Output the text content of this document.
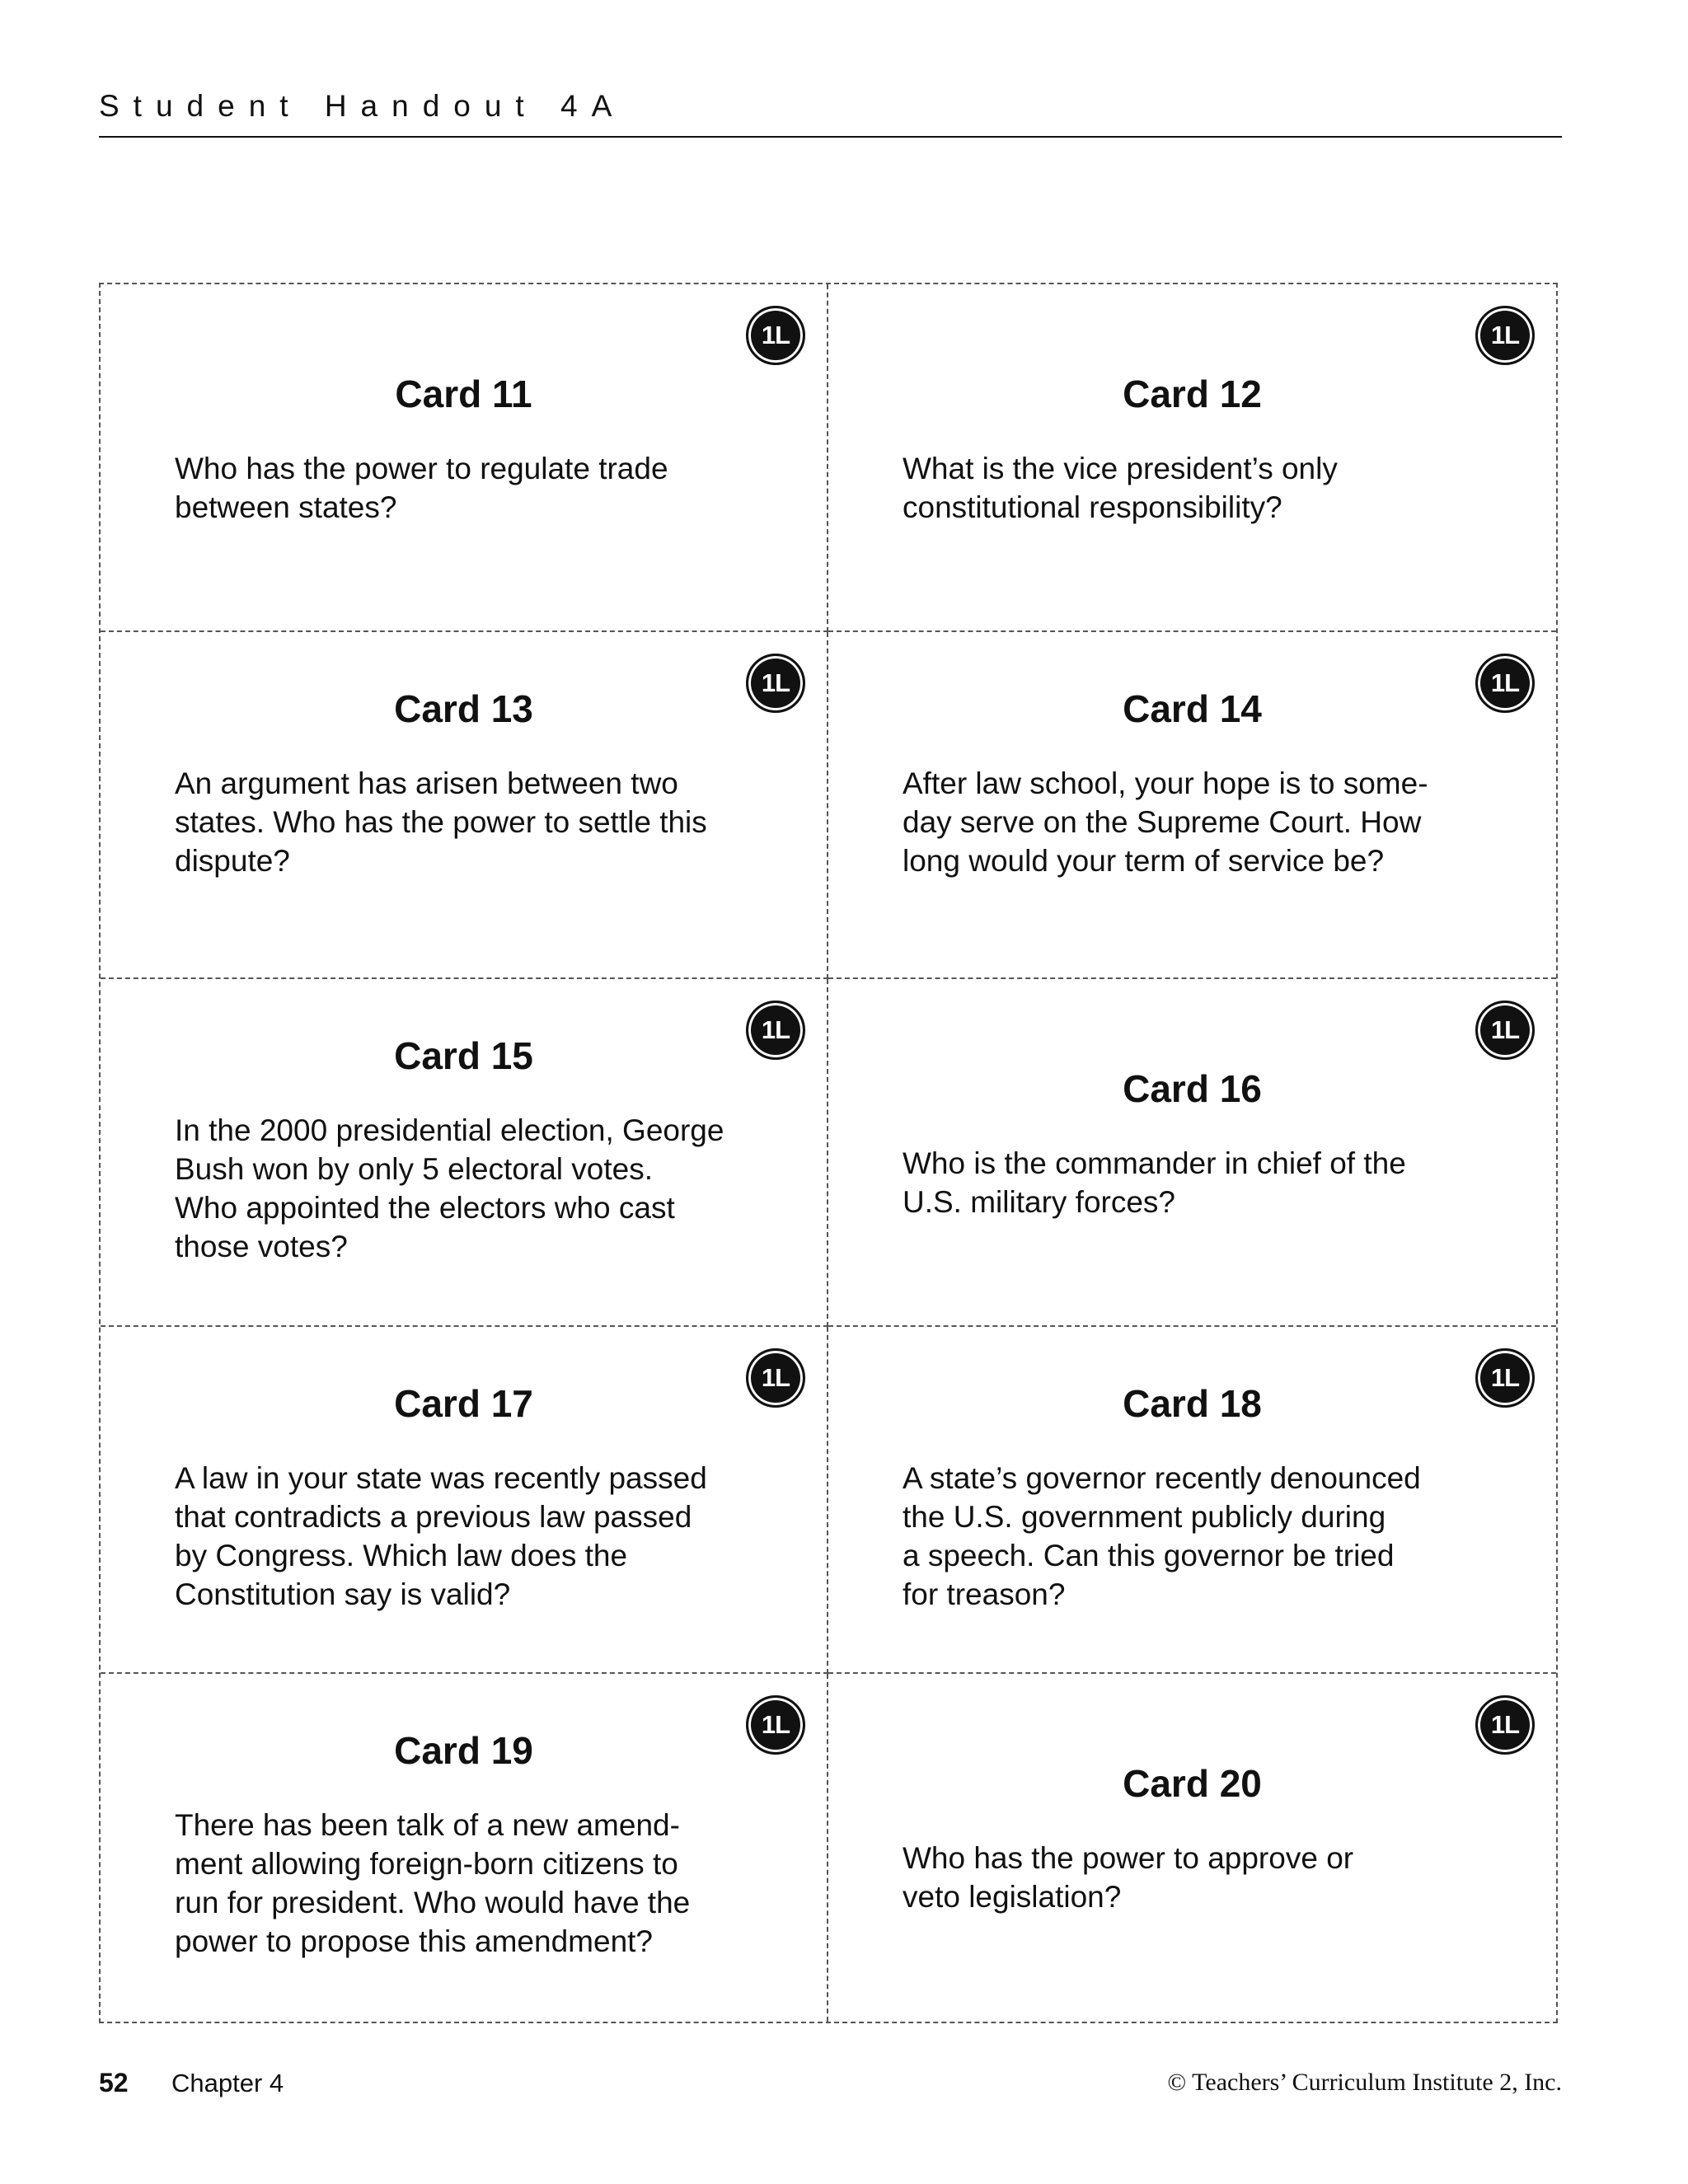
Student Handout 4A
1L
Card 11
Who has the power to regulate trade
between states?
1L
Card 12
What is the vice president’s only
constitutional responsibility?
1L
Card 13
An argument has arisen between two
states. Who has the power to settle this
dispute?
1L
Card 14
After law school, your hope is to some-
day serve on the Supreme Court. How
long would your term of service be?
1L
Card 15
In the 2000 presidential election, George
Bush won by only 5 electoral votes.
Who appointed the electors who cast
those votes?
1L
Card 16
Who is the commander in chief of the
U.S. military forces?
1L
Card 17
A law in your state was recently passed
that contradicts a previous law passed
by Congress. Which law does the
Constitution say is valid?
1L
Card 18
A state’s governor recently denounced
the U.S. government publicly during
a speech. Can this governor be tried
for treason?
1L
Card 19
There has been talk of a new amend-
ment allowing foreign-born citizens to
run for president. Who would have the
power to propose this amendment?
1L
Card 20
Who has the power to approve or
veto legislation?
52 Chapter 4	© Teachers’ Curriculum Institute 2, Inc.
